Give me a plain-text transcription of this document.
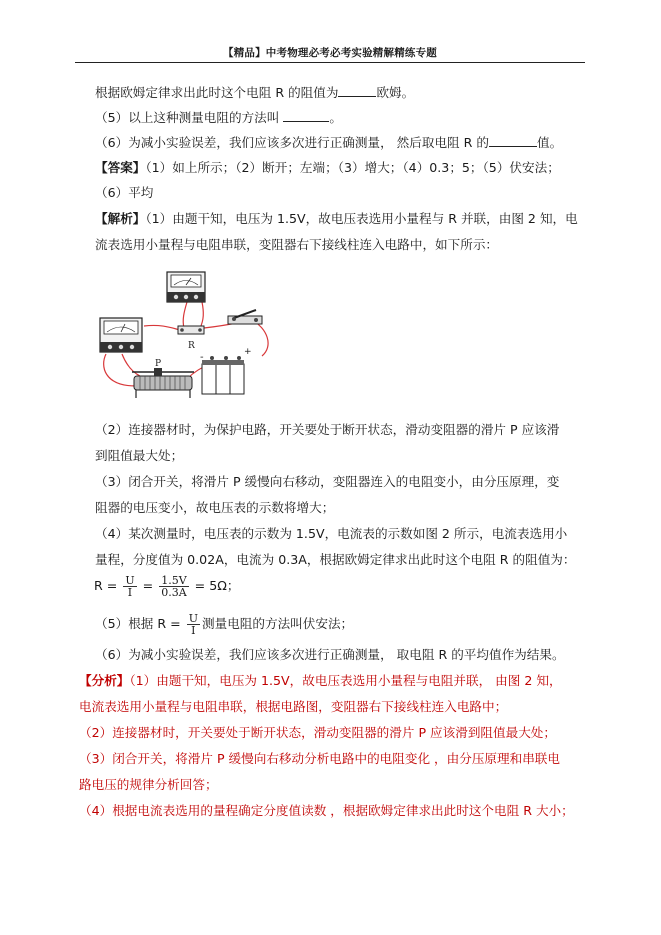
【精品】中考物理必考必考实验精解精练专题
根据欧姆定律求出此时这个电阻 R 的阻值为	欧姆。
（5）以上这种测量电阻的方法叫	。
（6）为减小实验误差，我们应该多次进行正确测量， 然后取电阻 R 的	值。
【答案】（1）如上所示；（2）断开；左端；（3）增大；（4）0.3；5；（5）伏安法；
（6）平均
【解析】（1）由题干知，电压为 1.5V，故电压表选用小量程与 R 并联，由图 2 知，电
流表选用小量程与电阻串联，变阻器右下接线柱连入电路中，如下所示：
R
-	+
P
（2）连接器材时，为保护电路，开关要处于断开状态，滑动变阻器的滑片 P 应该滑
到阻值最大处；
（3）闭合开关，将滑片 P 缓慢向右移动，变阻器连入的电阻变小，由分压原理，变
阻器的电压变小，故电压表的示数将增大；
（4）某次测量时，电压表的示数为 1.5V，电流表的示数如图 2 所示，电流表选用小
量程，分度值为 0.02A，电流为 0.3A，根据欧姆定律求出此时这个电阻 R 的阻值为：
$R = \frac{U}{I} = \frac{1.5V}{0.3A} = 5\Omega$；
（5）根据 $R = \frac{U}{I}$ 测量电阻的方法叫伏安法；
（6）为减小实验误差，我们应该多次进行正确测量， 取电阻 R 的平均值作为结果。
【分析】（1）由题干知，电压为 1.5V，故电压表选用小量程与电阻并联， 由图 2 知，
电流表选用小量程与电阻串联，根据电路图，变阻器右下接线柱连入电路中；
（2）连接器材时，开关要处于断开状态，滑动变阻器的滑片 P 应该滑到阻值最大处；
（3）闭合开关，将滑片 P 缓慢向右移动分析电路中的电阻变化 ，由分压原理和串联电
路电压的规律分析回答；
（4）根据电流表选用的量程确定分度值读数 ，根据欧姆定律求出此时这个电阻 R 大小；
